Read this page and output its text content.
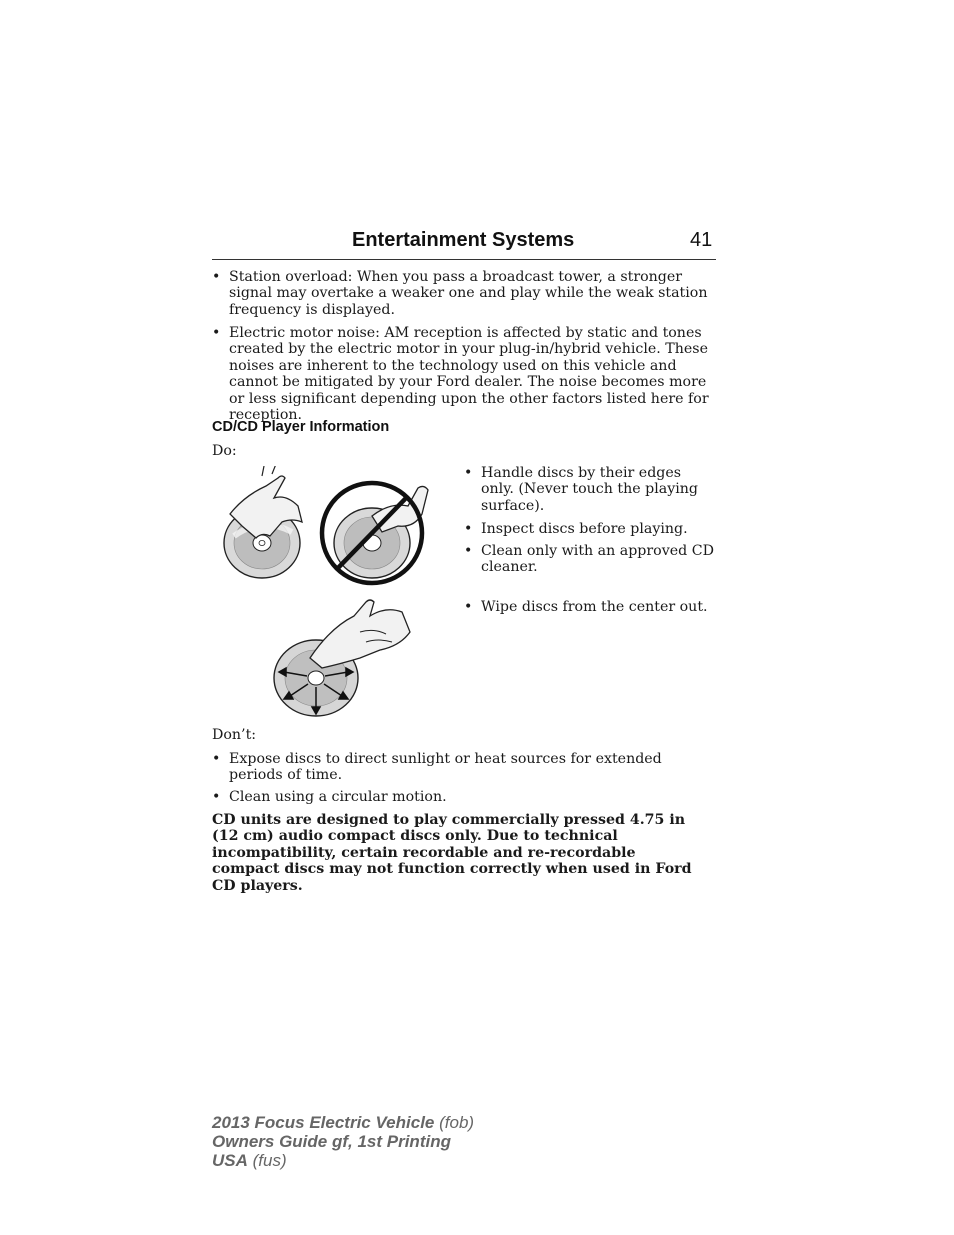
Entertainment Systems	41
• Station overload: When you pass a broadcast tower, a stronger signal may overtake a weaker one and play while the weak station frequency is displayed.
• Electric motor noise: AM reception is affected by static and tones created by the electric motor in your plug-in/hybrid vehicle. These noises are inherent to the technology used on this vehicle and cannot be mitigated by your Ford dealer. The noise becomes more or less significant depending upon the other factors listed here for reception.
CD/CD Player Information
Do:
• Handle discs by their edges only. (Never touch the playing surface).
• Inspect discs before playing.
• Clean only with an approved CD cleaner.
• Wipe discs from the center out.
Don’t:
• Expose discs to direct sunlight or heat sources for extended periods of time.
• Clean using a circular motion.
CD units are designed to play commercially pressed 4.75 in (12 cm) audio compact discs only. Due to technical incompatibility, certain recordable and re-recordable compact discs may not function correctly when used in Ford CD players.
2013 Focus Electric Vehicle (fob)
Owners Guide gf, 1st Printing
USA (fus)
